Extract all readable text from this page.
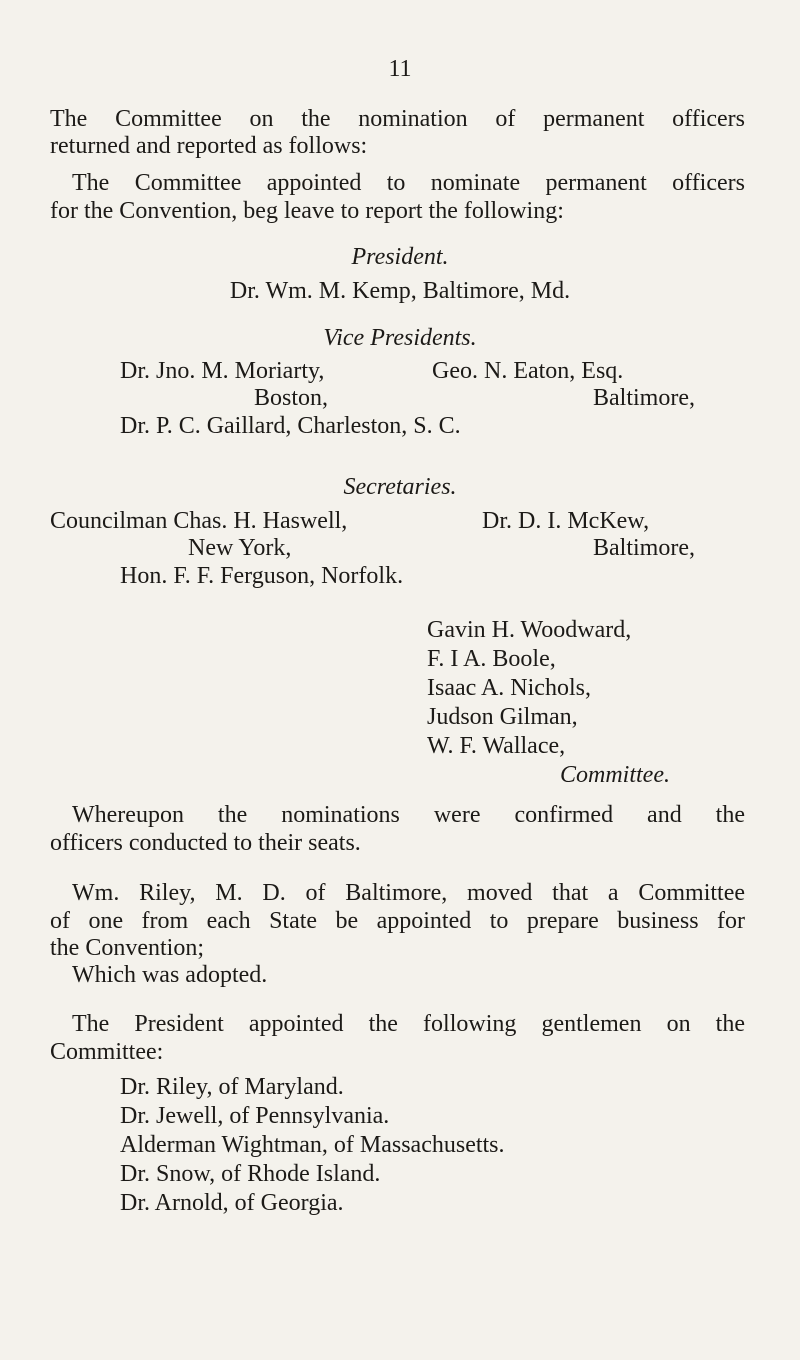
11
The Committee on the nomination of permanent officers
returned and reported as follows:
The Committee appointed to nominate permanent officers
for the Convention, beg leave to report the following:
President.
Dr. Wm. M. Kemp, Baltimore, Md.
Vice Presidents.
Dr. Jno. M. Moriarty,	Geo. N. Eaton, Esq.
Boston,	Baltimore,
Dr. P. C. Gaillard, Charleston, S. C.
Secretaries.
Councilman Chas. H. Haswell,	Dr. D. I. McKew,
New York,	Baltimore,
Hon. F. F. Ferguson, Norfolk.
Gavin H. Woodward,
F. I A. Boole,
Isaac A. Nichols,
Judson Gilman,
W. F. Wallace,
Committee.
Whereupon the nominations were confirmed and the
officers conducted to their seats.
Wm. Riley, M. D. of Baltimore, moved that a Committee
of one from each State be appointed to prepare business for
the Convention;
Which was adopted.
The President appointed the following gentlemen on the
Committee:
Dr. Riley, of Maryland.
Dr. Jewell, of Pennsylvania.
Alderman Wightman, of Massachusetts.
Dr. Snow, of Rhode Island.
Dr. Arnold, of Georgia.
